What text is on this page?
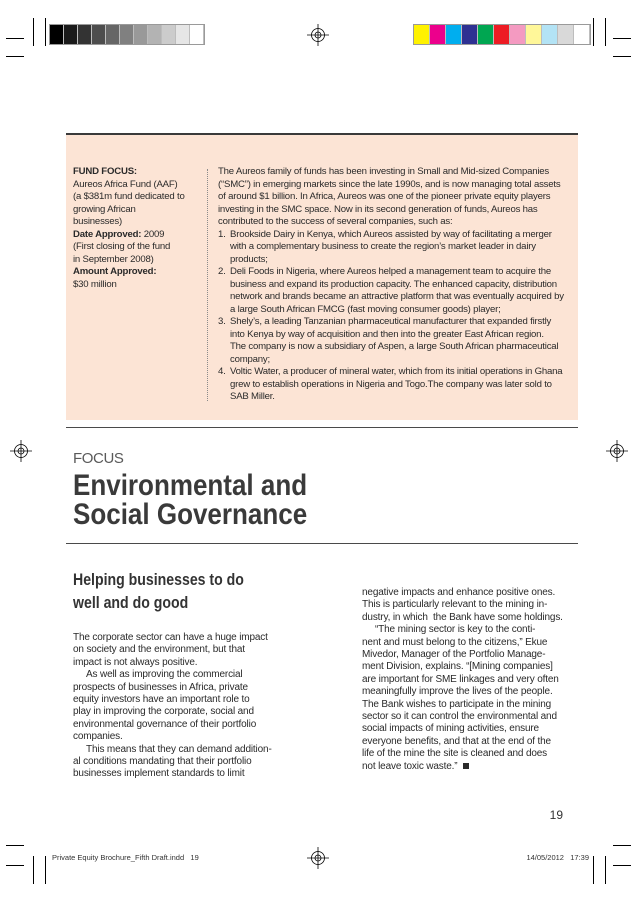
FUND FOCUS:
Aureos Africa Fund (AAF)
(a $381m fund dedicated to
growing African
businesses)
Date Approved: 2009
(First closing of the fund
in September 2008)
Amount Approved:
$30 million
The Aureos family of funds has been investing in Small and Mid-sized Companies
(“SMC”) in emerging markets since the late 1990s, and is now managing total assets
of around $1 billion. In Africa, Aureos was one of the pioneer private equity players
investing in the SMC space. Now in its second generation of funds, Aureos has
contributed to the success of several companies, such as:
1. Brookside Dairy in Kenya, which Aureos assisted by way of facilitating a merger
with a complementary business to create the region’s market leader in dairy
products;
2. Deli Foods in Nigeria, where Aureos helped a management team to acquire the
business and expand its production capacity. The enhanced capacity, distribution
network and brands became an attractive platform that was eventually acquired by
a large South African FMCG (fast moving consumer goods) player;
3. Shely’s, a leading Tanzanian pharmaceutical manufacturer that expanded firstly
into Kenya by way of acquisition and then into the greater East African region.
The company is now a subsidiary of Aspen, a large South African pharmaceutical
company;
4. Voltic Water, a producer of mineral water, which from its initial operations in Ghana
grew to establish operations in Nigeria and Togo.The company was later sold to
SAB Miller.
FOCUS
Environmental and
Social Governance
Helping businesses to do
well and do good
The corporate sector can have a huge impact
on society and the environment, but that
impact is not always positive.
As well as improving the commercial
prospects of businesses in Africa, private
equity investors have an important role to
play in improving the corporate, social and
environmental governance of their portfolio
companies.
This means that they can demand addition-
al conditions mandating that their portfolio
businesses implement standards to limit
negative impacts and enhance positive ones.
This is particularly relevant to the mining in-
dustry, in which  the Bank have some holdings.
“The mining sector is key to the conti-
nent and must belong to the citizens,” Ekue
Mivedor, Manager of the Portfolio Manage-
ment Division, explains. “[Mining companies]
are important for SME linkages and very often
meaningfully improve the lives of the people.
The Bank wishes to participate in the mining
sector so it can control the environmental and
social impacts of mining activities, ensure
everyone benefits, and that at the end of the
life of the mine the site is cleaned and does
not leave toxic waste.”
19
Private Equity Brochure_Fifth Draft.indd   19	14/05/2012   17:39
